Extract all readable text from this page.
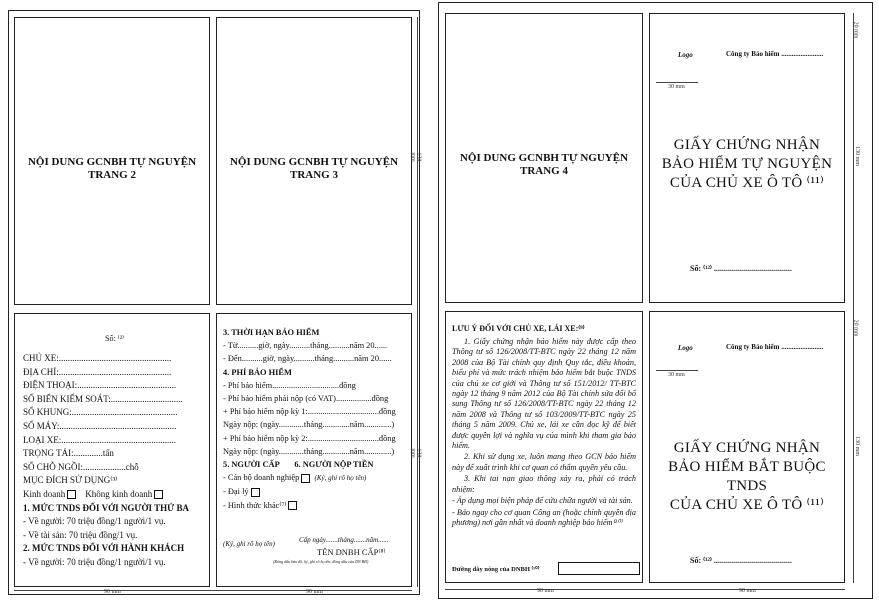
NỘI DUNG GCNBH TỰ NGUYỆN
TRANG 2
NỘI DUNG GCNBH TỰ NGUYỆN
TRANG 3
Số: ⁽²⁾
CHỦ XE:..................................................
ĐỊA CHỈ:..................................................
ĐIỆN THOẠI:............................................
SỐ BIỂN KIỂM SOÁT:................................
SỐ KHUNG:...............................................
SỐ MÁY:....................................................
LOẠI XE:...................................................
TRỌNG TẢI:.............tấn
SỐ CHỖ NGỒI:...................chỗ
MỤC ĐÍCH SỬ DỤNG⁽³⁾
Kinh doanh Không kinh doanh
1. MỨC TNDS ĐỐI VỚI NGƯỜI THỨ BA
- Về người: 70 triệu đồng/1 người/1 vụ.
- Về tài sản: 70 triệu đồng/1 vụ.
2. MỨC TNDS ĐỐI VỚI HÀNH KHÁCH
- Về người: 70 triệu đồng/1 người/1 vụ.
3. THỜI HẠN BẢO HIỂM
- Từ..........giờ, ngày..........tháng..........năm 20......
- Đến..........giờ, ngày..........tháng..........năm 20......
4. PHÍ BẢO HIỂM
- Phí bảo hiểm................................đồng
- Phí bảo hiểm phải nộp (có VAT).................đồng
+ Phí bảo hiểm nộp kỳ 1:..................................đồng
Ngày nộp: (ngày............tháng.............năm.............)
+ Phí bảo hiểm nộp kỳ 2:..................................đồng
Ngày nộp: (ngày............tháng.............năm.............)
5. NGƯỜI CẤP 6. NGƯỜI NỘP TIỀN
- Cán bộ doanh nghiệp (Ký, ghi rõ họ tên)
- Đại lý
- Hình thức khác⁽⁷⁾
(Ký, ghi rõ họ tên)	Cấp ngày.......tháng.......năm......
TÊN DNBH CẤP⁽⁸⁾
(Đóng dấu bản đỏ, ký, ghi rõ họ tên, đóng dấu của DN BH)
90 mm	90 mm
130 mm
130 mm
NỘI DUNG GCNBH TỰ NGUYỆN
TRANG 4
Logo	Công ty Bảo hiểm ........................
30 mm
GIẤY CHỨNG NHẬN
BẢO HIỂM TỰ NGUYỆN
CỦA CHỦ XE Ô TÔ ⁽¹¹⁾
Số: ⁽¹²⁾ .......................................
LƯU Ý ĐỐI VỚI CHỦ XE, LÁI XE:⁽⁹⁾

1. Giấy chứng nhận bảo hiểm này được cấp theo Thông tư số 126/2008/TT-BTC ngày 22 tháng 12 năm 2008 của Bộ Tài chính quy định Quy tắc, điều khoản, biểu phí và mức trách nhiệm bảo hiểm bắt buộc TNDS của chủ xe cơ giới và Thông tư số 151/2012/ TT-BTC ngày 12 tháng 9 năm 2012 của Bộ Tài chính sửa đổi bổ sung Thông tư số 126/2008/TT-BTC ngày 22 tháng 12 năm 2008 và Thông tư số 103/2009/TT-BTC ngày 25 tháng 5 năm 2009. Chủ xe, lái xe cần đọc kỹ để biết được quyền lợi và nghĩa vụ của mình khi tham gia bảo hiểm.

2. Khi sử dụng xe, luôn mang theo GCN bảo hiểm này để xuất trình khi cơ quan có thẩm quyền yêu cầu.

3. Khi tai nạn giao thông xảy ra, phải có trách nhiệm:

- Áp dụng mọi biện pháp để cứu chữa người và tài sản.

- Báo ngay cho cơ quan Công an (hoặc chính quyền địa phương) nơi gần nhất và doanh nghiệp bảo hiểm⁽¹⁰⁾

Đường dây nóng của DNBH ⁽¹⁰⁾
Logo	Công ty Bảo hiểm ........................
30 mm
GIẤY CHỨNG NHẬN
BẢO HIỂM BẮT BUỘC TNDS
CỦA CHỦ XE Ô TÔ ⁽¹¹⁾
Số: ⁽¹²⁾ .......................................
90 mm	90 mm
20 mm
130 mm
20 mm
130 mm
